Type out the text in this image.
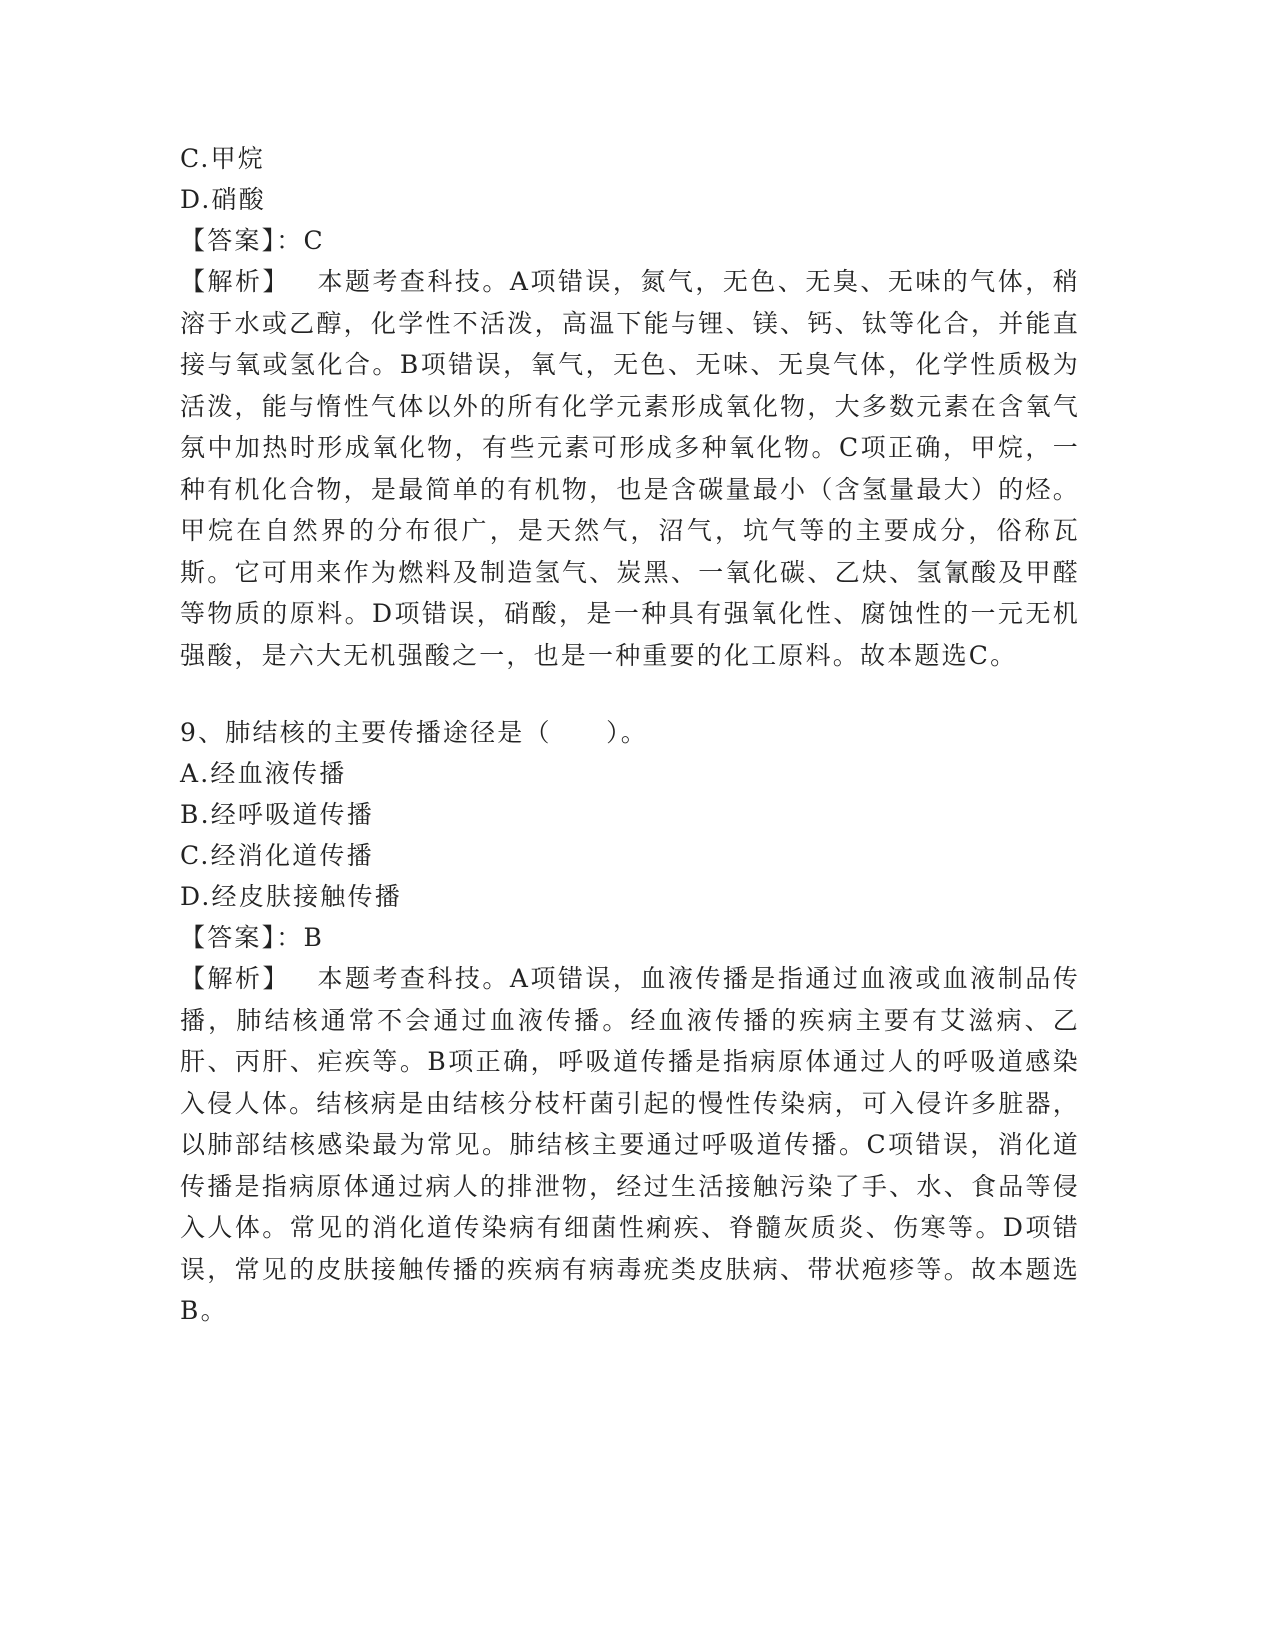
C.甲烷
D.硝酸
【答案】：C
【解析】  本题考查科技。A项错误，氮气，无色、无臭、无味的气体，稍溶于水或乙醇，化学性不活泼，高温下能与锂、镁、钙、钛等化合，并能直接与氧或氢化合。B项错误，氧气，无色、无味、无臭气体，化学性质极为活泼，能与惰性气体以外的所有化学元素形成氧化物，大多数元素在含氧气氛中加热时形成氧化物，有些元素可形成多种氧化物。C项正确，甲烷，一种有机化合物，是最简单的有机物，也是含碳量最小（含氢量最大）的烃。甲烷在自然界的分布很广，是天然气，沼气，坑气等的主要成分，俗称瓦斯。它可用来作为燃料及制造氢气、炭黑、一氧化碳、乙炔、氢氰酸及甲醛等物质的原料。D项错误，硝酸，是一种具有强氧化性、腐蚀性的一元无机强酸，是六大无机强酸之一，也是一种重要的化工原料。故本题选C。
9、肺结核的主要传播途径是（　　）。
A.经血液传播
B.经呼吸道传播
C.经消化道传播
D.经皮肤接触传播
【答案】：B
【解析】  本题考查科技。A项错误，血液传播是指通过血液或血液制品传播，肺结核通常不会通过血液传播。经血液传播的疾病主要有艾滋病、乙肝、丙肝、疟疾等。B项正确，呼吸道传播是指病原体通过人的呼吸道感染入侵人体。结核病是由结核分枝杆菌引起的慢性传染病，可入侵许多脏器，以肺部结核感染最为常见。肺结核主要通过呼吸道传播。C项错误，消化道传播是指病原体通过病人的排泄物，经过生活接触污染了手、水、食品等侵入人体。常见的消化道传染病有细菌性痢疾、脊髓灰质炎、伤寒等。D项错误，常见的皮肤接触传播的疾病有病毒疣类皮肤病、带状疱疹等。故本题选B。
